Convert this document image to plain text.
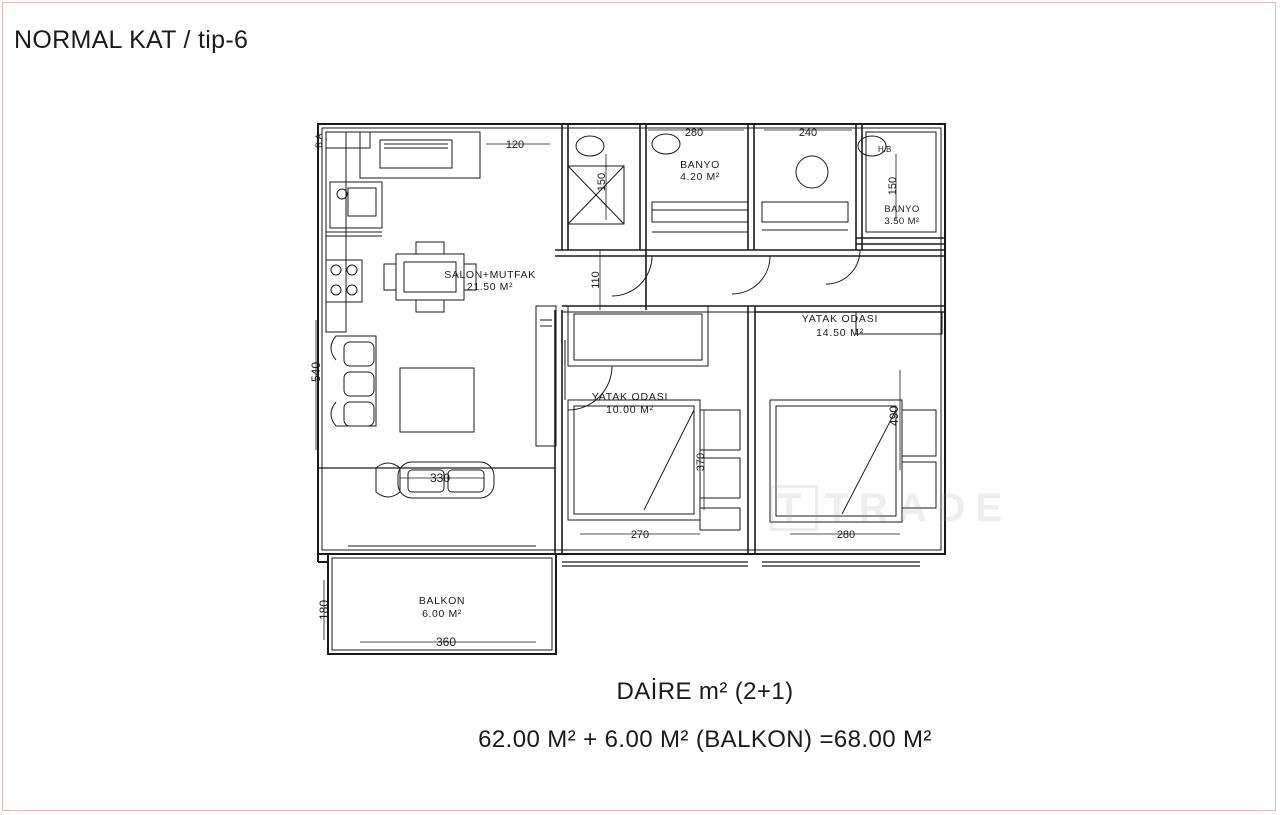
NORMAL KAT / tip-6
B.A
H.B
120
280	240
150	150
110
540
490
370
330
270	280
180
360
SALON+MUTFAK
21.50 M²
BANYO
4.20 M²
BANYO
3.50 M²
YATAK ODASI
14.50 M²
YATAK ODASI
10.00 M²
BALKON
6.00 M²
T TRADE
DAİRE m² (2+1)
62.00 M² + 6.00 M² (BALKON) =68.00 M²
